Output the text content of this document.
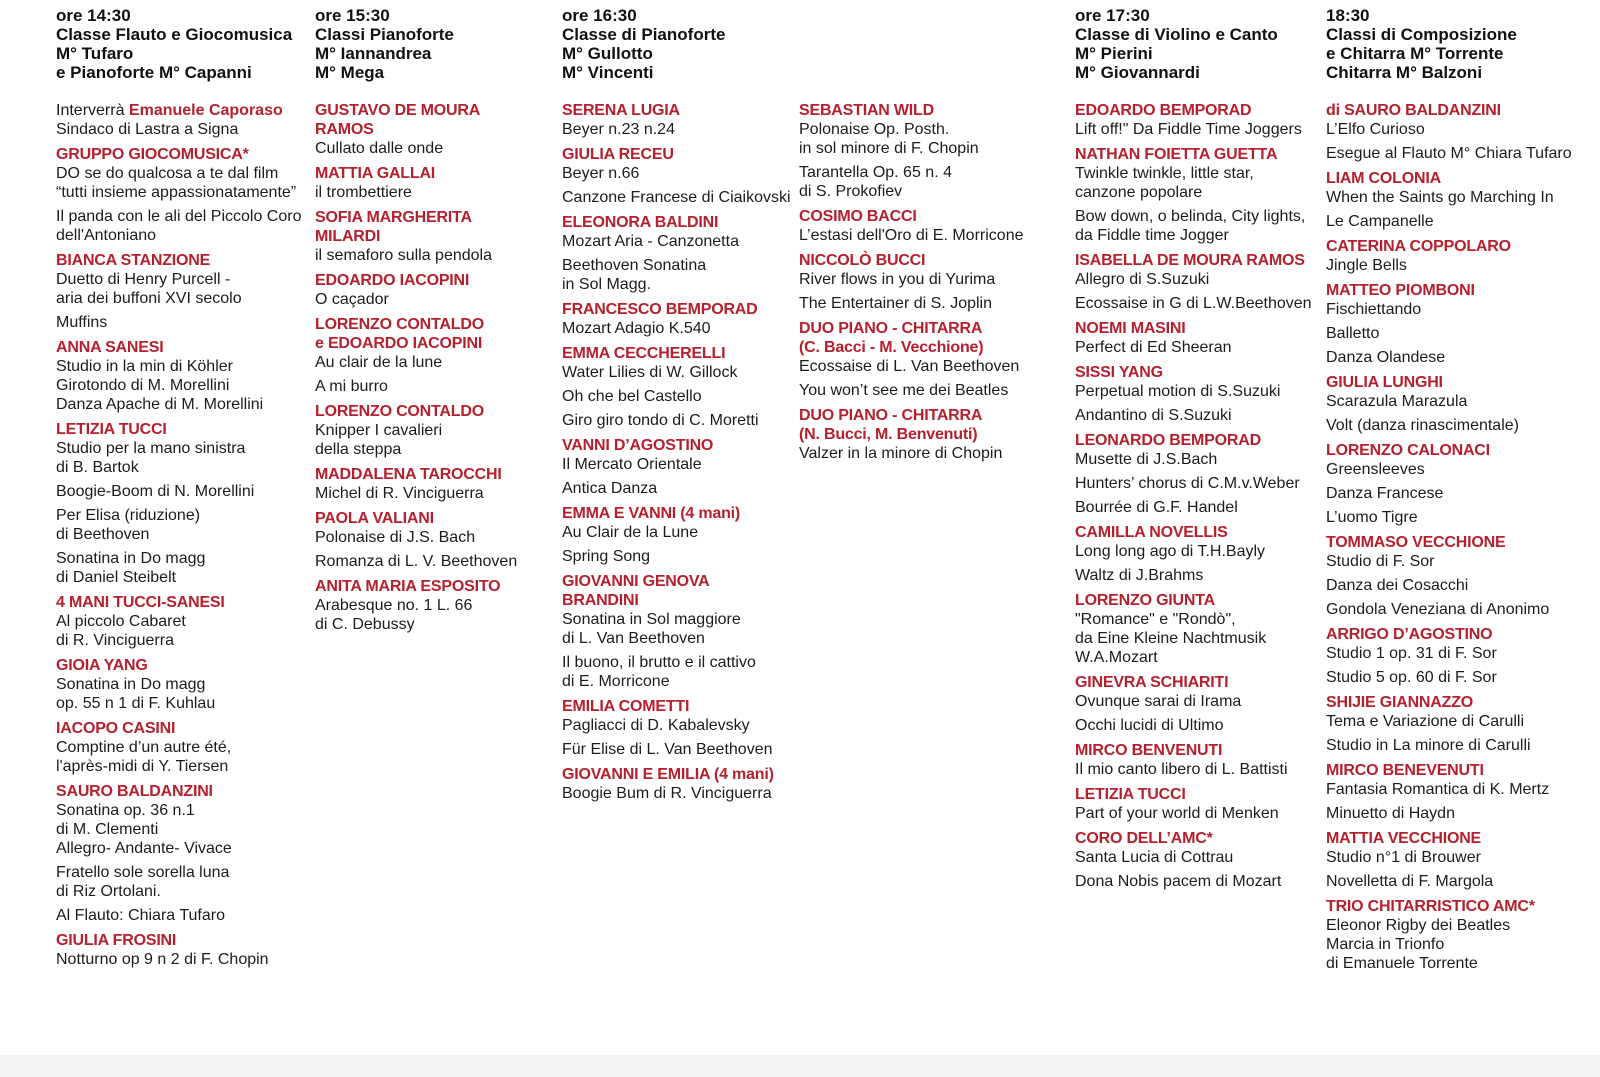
ore 14:30
Classe Flauto e Giocomusica
M° Tufaro
e Pianoforte M° Capanni
Interverrà Emanuele Caporaso
Sindaco di Lastra a Signa
GRUPPO GIOCOMUSICA*
DO se do qualcosa a te dal film
“tutti insieme appassionatamente”
Il panda con le ali del Piccolo Coro
dell'Antoniano
BIANCA STANZIONE
Duetto di Henry Purcell -
aria dei buffoni XVI secolo
Muffins
ANNA SANESI
Studio in la min di Köhler
Girotondo di M. Morellini
Danza Apache di M. Morellini
LETIZIA TUCCI
Studio per la mano sinistra
di B. Bartok
Boogie-Boom di N. Morellini
Per Elisa (riduzione)
di Beethoven
Sonatina in Do magg
di Daniel Steibelt
4 MANI TUCCI-SANESI
Al piccolo Cabaret
di R. Vinciguerra
GIOIA YANG
Sonatina in Do magg
op. 55 n 1 di F. Kuhlau
IACOPO CASINI
Comptine d’un autre été,
l'après-midi di Y. Tiersen
SAURO BALDANZINI
Sonatina op. 36 n.1
di M. Clementi
Allegro- Andante- Vivace
Fratello sole sorella luna
di Riz Ortolani.
Al Flauto: Chiara Tufaro
GIULIA FROSINI
Notturno op 9 n 2 di F. Chopin
ore 15:30
Classi Pianoforte
M° Iannandrea
M° Mega
GUSTAVO DE MOURA
RAMOS
Cullato dalle onde
MATTIA GALLAI
il trombettiere
SOFIA MARGHERITA
MILARDI
il semaforo sulla pendola
EDOARDO IACOPINI
O caçador
LORENZO CONTALDO
e EDOARDO IACOPINI
Au clair de la lune
A mi burro
LORENZO CONTALDO
Knipper I cavalieri
della steppa
MADDALENA TAROCCHI
Michel di R. Vinciguerra
PAOLA VALIANI
Polonaise di J.S. Bach
Romanza di L. V. Beethoven
ANITA MARIA ESPOSITO
Arabesque no. 1 L. 66
di C. Debussy
ore 16:30
Classe di Pianoforte
M° Gullotto
M° Vincenti
SERENA LUGIA
Beyer n.23 n.24
GIULIA RECEU
Beyer n.66
Canzone Francese di Ciaikovski
ELEONORA BALDINI
Mozart Aria - Canzonetta
Beethoven Sonatina
in Sol Magg.
FRANCESCO BEMPORAD
Mozart Adagio K.540
EMMA CECCHERELLI
Water Lilies di W. Gillock
Oh che bel Castello
Giro giro tondo di C. Moretti
VANNI D’AGOSTINO
Il Mercato Orientale
Antica Danza
EMMA E VANNI (4 mani)
Au Clair de la Lune
Spring Song
GIOVANNI GENOVA
BRANDINI
Sonatina in Sol maggiore
di L. Van Beethoven
Il buono, il brutto e il cattivo
di E. Morricone
EMILIA COMETTI
Pagliacci di D. Kabalevsky
Für Elise di L. Van Beethoven
GIOVANNI E EMILIA (4 mani)
Boogie Bum di R. Vinciguerra
SEBASTIAN WILD
Polonaise Op. Posth.
in sol minore di F. Chopin
Tarantella Op. 65 n. 4
di S. Prokofiev
COSIMO BACCI
L’estasi dell'Oro di E. Morricone
NICCOLÒ BUCCI
River flows in you di Yurima
The Entertainer di S. Joplin
DUO PIANO - CHITARRA
(C. Bacci - M. Vecchione)
Ecossaise di L. Van Beethoven
You won’t see me dei Beatles
DUO PIANO - CHITARRA
(N. Bucci, M. Benvenuti)
Valzer in la minore di Chopin
ore 17:30
Classe di Violino e Canto
M° Pierini
M° Giovannardi
EDOARDO BEMPORAD
Lift off!" Da Fiddle Time Joggers
NATHAN FOIETTA GUETTA
Twinkle twinkle, little star,
canzone popolare
Bow down, o belinda, City lights,
da Fiddle time Jogger
ISABELLA DE MOURA RAMOS
Allegro di S.Suzuki
Ecossaise in G di L.W.Beethoven
NOEMI MASINI
Perfect di Ed Sheeran
SISSI YANG
Perpetual motion di S.Suzuki
Andantino di S.Suzuki
LEONARDO BEMPORAD
Musette di J.S.Bach
Hunters’ chorus di C.M.v.Weber
Bourrée di G.F. Handel
CAMILLA NOVELLIS
Long long ago di T.H.Bayly
Waltz di J.Brahms
LORENZO GIUNTA
"Romance" e "Rondò",
da Eine Kleine Nachtmusik
W.A.Mozart
GINEVRA SCHIARITI
Ovunque sarai di Irama
Occhi lucidi di Ultimo
MIRCO BENVENUTI
Il mio canto libero di L. Battisti
LETIZIA TUCCI
Part of your world di Menken
CORO DELL’AMC*
Santa Lucia di Cottrau
Dona Nobis pacem di Mozart
18:30
Classi di Composizione
e Chitarra M° Torrente
Chitarra M° Balzoni
di SAURO BALDANZINI
L’Elfo Curioso
Esegue al Flauto M° Chiara Tufaro
LIAM COLONIA
When the Saints go Marching In
Le Campanelle
CATERINA COPPOLARO
Jingle Bells
MATTEO PIOMBONI
Fischiettando
Balletto
Danza Olandese
GIULIA LUNGHI
Scarazula Marazula
Volt (danza rinascimentale)
LORENZO CALONACI
Greensleeves
Danza Francese
L’uomo Tigre
TOMMASO VECCHIONE
Studio di F. Sor
Danza dei Cosacchi
Gondola Veneziana di Anonimo
ARRIGO D’AGOSTINO
Studio 1 op. 31 di F. Sor
Studio 5 op. 60 di F. Sor
SHIJIE GIANNAZZO
Tema e Variazione di Carulli
Studio in La minore di Carulli
MIRCO BENEVENUTI
Fantasia Romantica di K. Mertz
Minuetto di Haydn
MATTIA VECCHIONE
Studio n°1 di Brouwer
Novelletta di F. Margola
TRIO CHITARRISTICO AMC*
Eleonor Rigby dei Beatles
Marcia in Trionfo
di Emanuele Torrente
